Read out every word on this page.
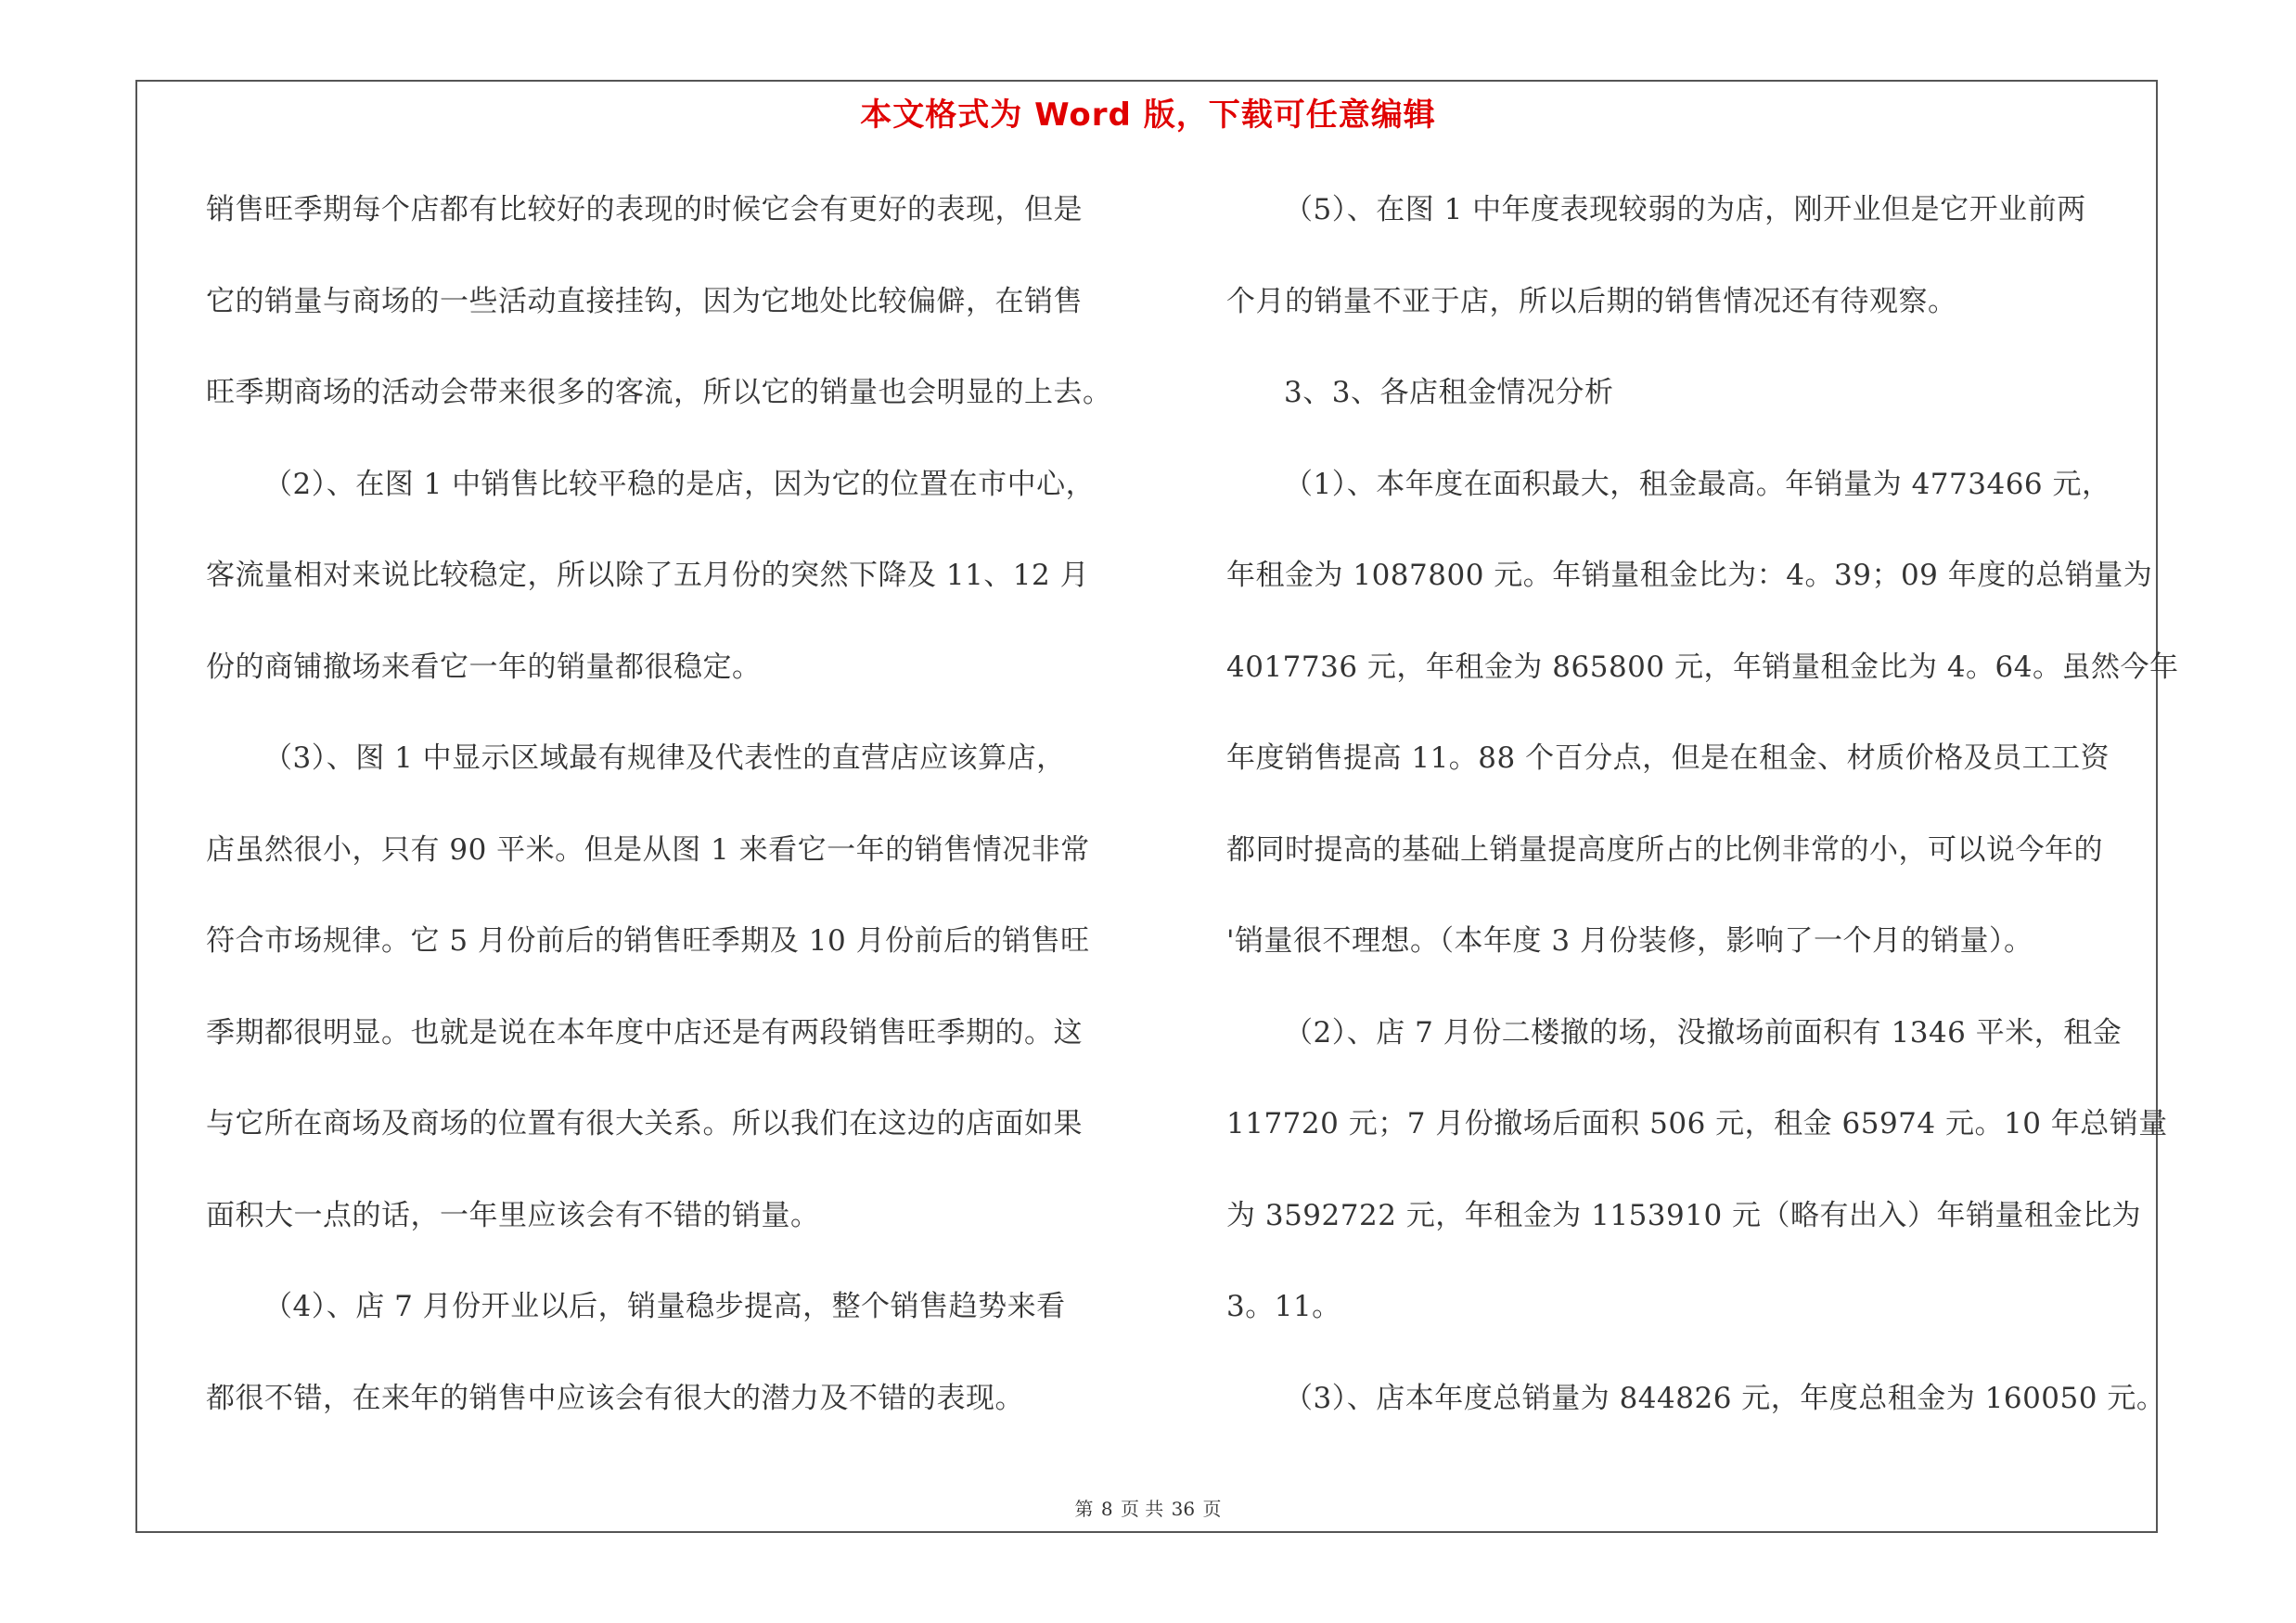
本文格式为 Word 版，下载可任意编辑
销售旺季期每个店都有比较好的表现的时候它会有更好的表现，但是
它的销量与商场的一些活动直接挂钩，因为它地处比较偏僻，在销售
旺季期商场的活动会带来很多的客流，所以它的销量也会明显的上去。
（2）、在图 1 中销售比较平稳的是店，因为它的位置在市中心，
客流量相对来说比较稳定，所以除了五月份的突然下降及 11、12 月
份的商铺撤场来看它一年的销量都很稳定。
（3）、图 1 中显示区域最有规律及代表性的直营店应该算店，
店虽然很小，只有 90 平米。但是从图 1 来看它一年的销售情况非常
符合市场规律。它 5 月份前后的销售旺季期及 10 月份前后的销售旺
季期都很明显。也就是说在本年度中店还是有两段销售旺季期的。这
与它所在商场及商场的位置有很大关系。所以我们在这边的店面如果
面积大一点的话，一年里应该会有不错的销量。
（4）、店 7 月份开业以后，销量稳步提高，整个销售趋势来看
都很不错，在来年的销售中应该会有很大的潜力及不错的表现。
（5）、在图 1 中年度表现较弱的为店，刚开业但是它开业前两
个月的销量不亚于店，所以后期的销售情况还有待观察。
3、3、各店租金情况分析
（1）、本年度在面积最大，租金最高。年销量为 4773466 元，
年租金为 1087800 元。年销量租金比为：4。39；09 年度的总销量为
4017736 元，年租金为 865800 元，年销量租金比为 4。64。虽然今年
年度销售提高 11。88 个百分点，但是在租金、材质价格及员工工资
都同时提高的基础上销量提高度所占的比例非常的小，可以说今年的
'销量很不理想。（本年度 3 月份装修，影响了一个月的销量）。
（2）、店 7 月份二楼撤的场，没撤场前面积有 1346 平米，租金
117720 元；7 月份撤场后面积 506 元，租金 65974 元。10 年总销量
为 3592722 元，年租金为 1153910 元（略有出入）年销量租金比为
3。11。
（3）、店本年度总销量为 844826 元，年度总租金为 160050 元。
第 8 页 共 36 页
